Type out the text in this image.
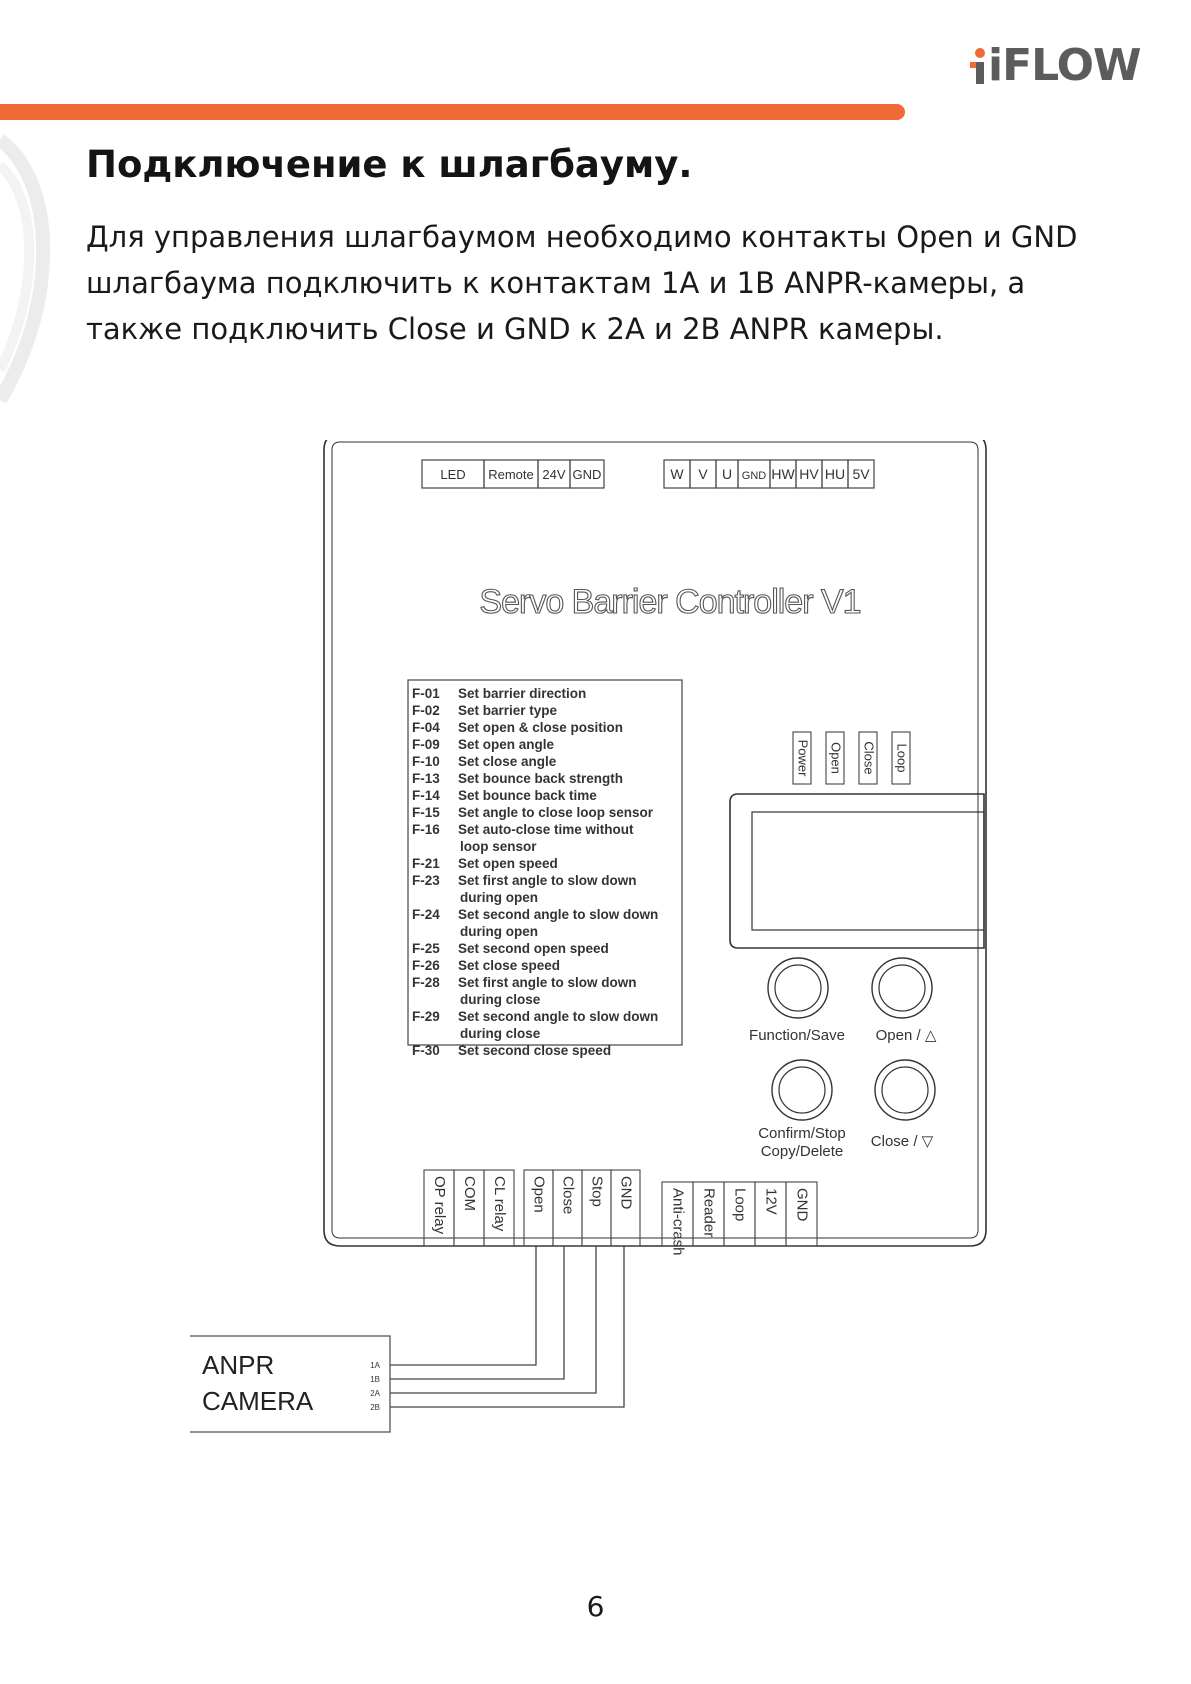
iFLOW
Подключение к шлагбауму.

Для управления шлагбаумом необходимо контакты Open и GND шлагбаума подключить к контактам 1A и 1B ANPR-камеры, а также подключить Close и GND к 2A и 2B ANPR камеры.

LED Remote 24V GND	W V U GND HW HV HU 5V
Servo Barrier Controller V1
F-01 Set barrier direction
F-02 Set barrier type
F-04 Set open & close position
F-09 Set open angle
F-10 Set close angle
F-13 Set bounce back strength
F-14 Set bounce back time
F-15 Set angle to close loop sensor
F-16 Set auto-close time without
loop sensor
F-21 Set open speed
F-23 Set first angle to slow down
during open
F-24 Set second angle to slow down
during open
F-25 Set second open speed
F-26 Set close speed
F-28 Set first angle to slow down
during close
F-29 Set second angle to slow down
during close
F-30 Set second close speed
Power Open Close Loop
Function/Save Open / △
Confirm/Stop
Copy/Delete
Close / ▽
OP relay COM CL relay Open Close Stop GND Anti-crash Reader Loop 12V GND
ANPR
CAMERA
1A
1B
2A
2B
6
